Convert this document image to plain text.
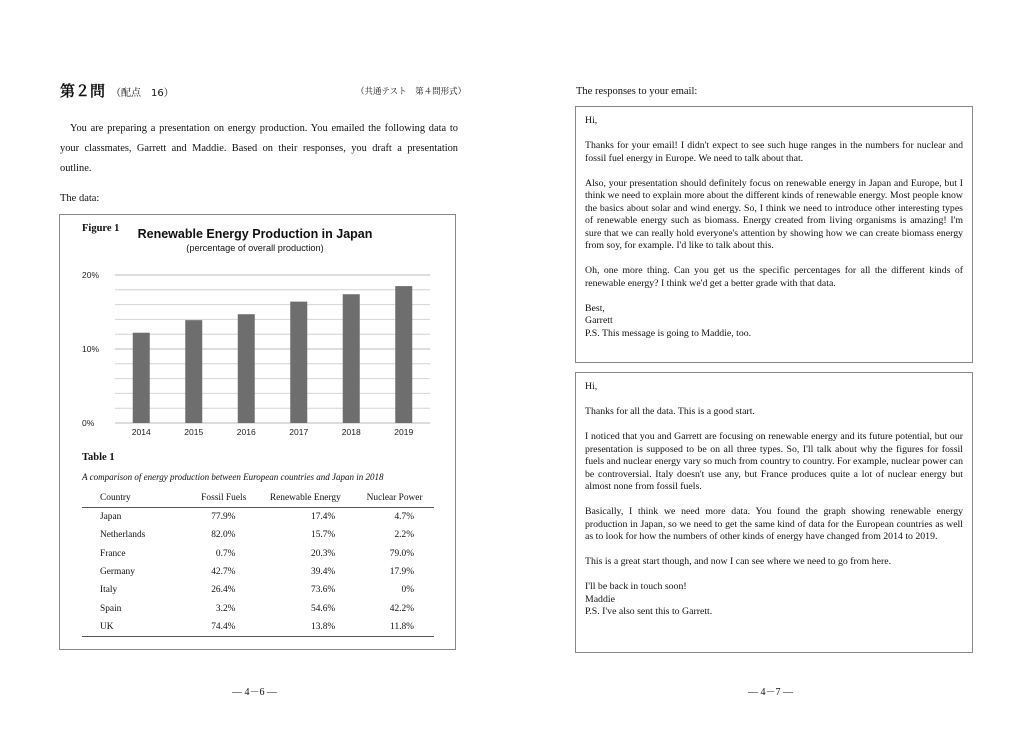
第２問 （配点　16）	（共通テスト　第４問形式）
You are preparing a presentation on energy production. You emailed the following data to your classmates, Garrett and Maddie. Based on their responses, you draft a presentation outline.
The data:
Figure 1	Renewable Energy Production in Japan
(percentage of overall production)
0%
10%
20%
2014	2015	2016	2017	2018	2019
Table 1
A comparison of energy production between European countries and Japan in 2018
Country	Fossil Fuels	Renewable Energy	Nuclear Power
Japan	77.9%	17.4%	4.7%
Netherlands	82.0%	15.7%	2.2%
France	0.7%	20.3%	79.0%
Germany	42.7%	39.4%	17.9%
Italy	26.4%	73.6%	0%
Spain	3.2%	54.6%	42.2%
UK	74.4%	13.8%	11.8%
— 4－6 —
The responses to your email:

Hi,

Thanks for your email! I didn't expect to see such huge ranges in the numbers for nuclear and fossil fuel energy in Europe. We need to talk about that.

Also, your presentation should definitely focus on renewable energy in Japan and Europe, but I think we need to explain more about the different kinds of renewable energy. Most people know the basics about solar and wind energy. So, I think we need to introduce other interesting types of renewable energy such as biomass. Energy created from living organisms is amazing! I'm sure that we can really hold everyone's attention by showing how we can create biomass energy from soy, for example. I'd like to talk about this.

Oh, one more thing. Can you get us the specific percentages for all the different kinds of renewable energy? I think we'd get a better grade with that data.

Best,

Garrett

P.S. This message is going to Maddie, too.

Hi,

Thanks for all the data. This is a good start.

I noticed that you and Garrett are focusing on renewable energy and its future potential, but our presentation is supposed to be on all three types. So, I'll talk about why the figures for fossil fuels and nuclear energy vary so much from country to country. For example, nuclear power can be controversial. Italy doesn't use any, but France produces quite a lot of nuclear energy but almost none from fossil fuels.

Basically, I think we need more data. You found the graph showing renewable energy production in Japan, so we need to get the same kind of data for the European countries as well as to look for how the numbers of other kinds of energy have changed from 2014 to 2019.

This is a great start though, and now I can see where we need to go from here.

I'll be back in touch soon!

Maddie

P.S. I've also sent this to Garrett.

— 4－7 —
